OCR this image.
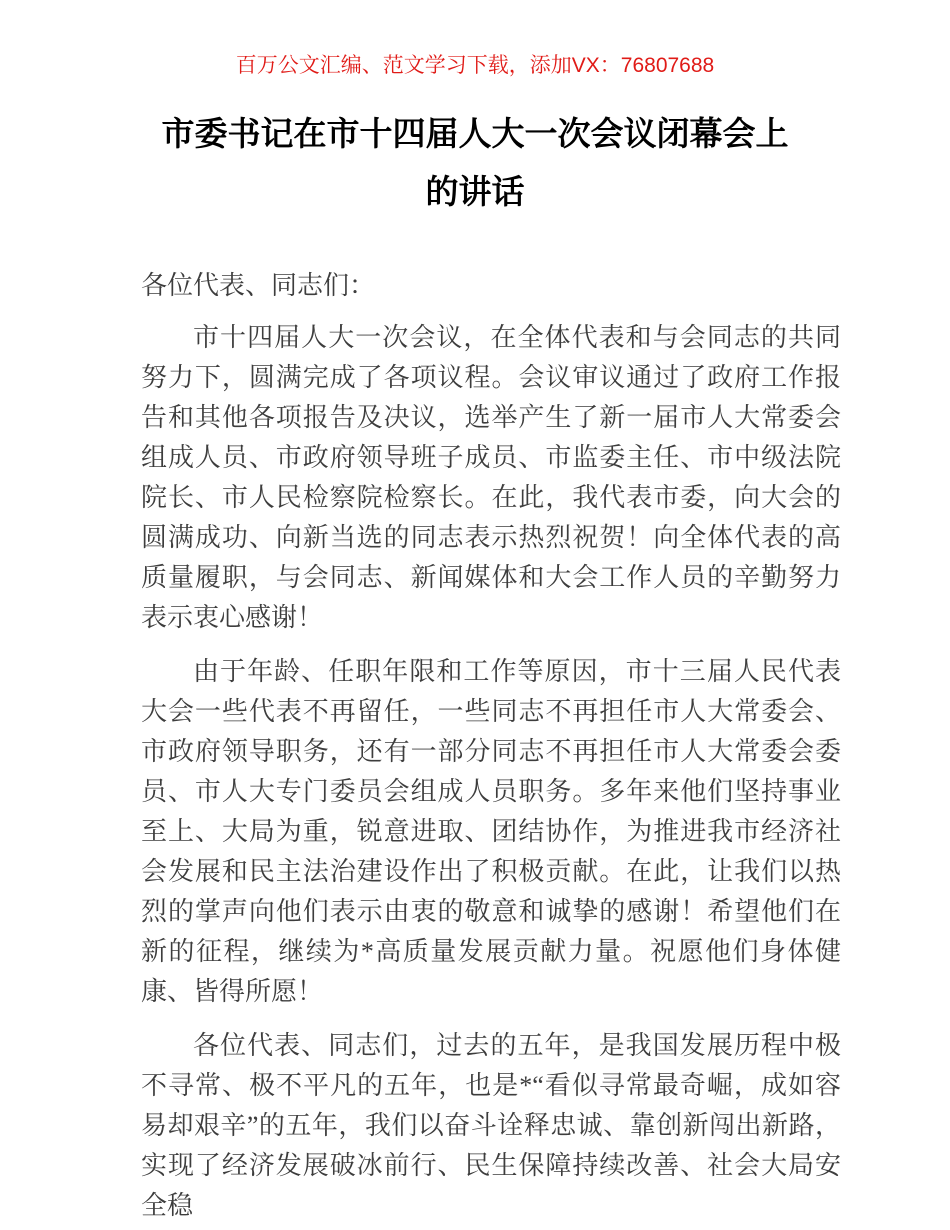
百万公文汇编、范文学习下载，添加VX：76807688
市委书记在市十四届人大一次会议闭幕会上
的讲话
各位代表、同志们：
市十四届人大一次会议，在全体代表和与会同志的共同努力下，圆满完成了各项议程。会议审议通过了政府工作报告和其他各项报告及决议，选举产生了新一届市人大常委会组成人员、市政府领导班子成员、市监委主任、市中级法院院长、市人民检察院检察长。在此，我代表市委，向大会的圆满成功、向新当选的同志表示热烈祝贺！向全体代表的高质量履职，与会同志、新闻媒体和大会工作人员的辛勤努力表示衷心感谢！
由于年龄、任职年限和工作等原因，市十三届人民代表大会一些代表不再留任，一些同志不再担任市人大常委会、市政府领导职务，还有一部分同志不再担任市人大常委会委员、市人大专门委员会组成人员职务。多年来他们坚持事业至上、大局为重，锐意进取、团结协作，为推进我市经济社会发展和民主法治建设作出了积极贡献。在此，让我们以热烈的掌声向他们表示由衷的敬意和诚挚的感谢！希望他们在新的征程，继续为*高质量发展贡献力量。祝愿他们身体健康、皆得所愿！
各位代表、同志们，过去的五年，是我国发展历程中极不寻常、极不平凡的五年，也是*“看似寻常最奇崛，成如容易却艰辛”的五年，我们以奋斗诠释忠诚、靠创新闯出新路，实现了经济发展破冰前行、民生保障持续改善、社会大局安全稳
